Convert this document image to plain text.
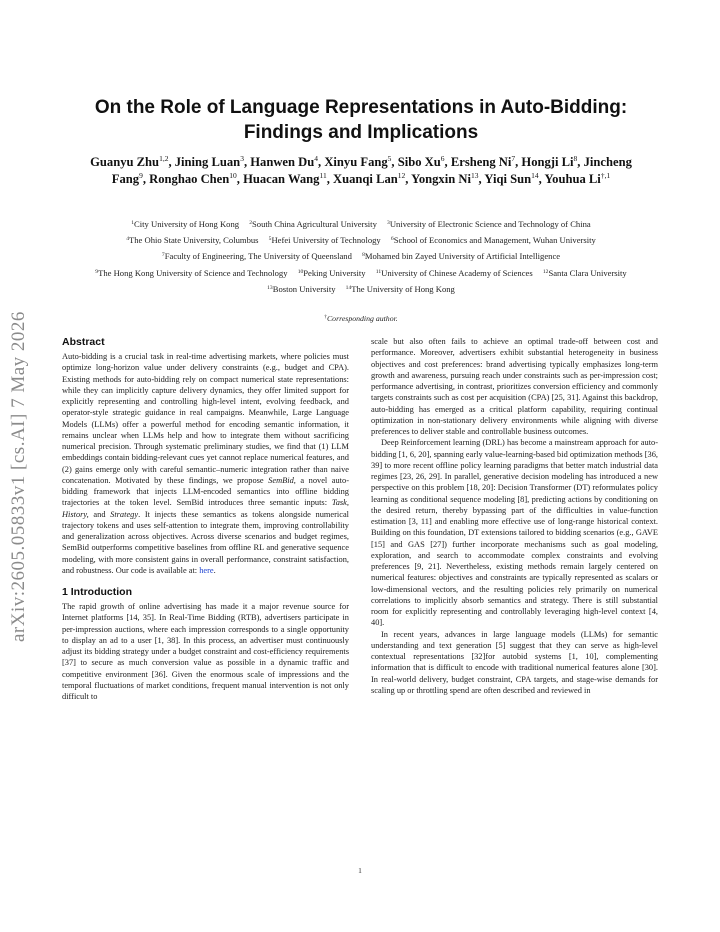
arXiv:2605.05833v1 [cs.AI] 7 May 2026
On the Role of Language Representations in Auto-Bidding:
Findings and Implications
Guanyu Zhu$^{1,2}$, Jining Luan$^3$, Hanwen Du$^4$, Xinyu Fang$^5$, Sibo Xu$^6$, Ersheng Ni$^7$, Hongji Li$^8$, Jincheng Fang$^9$, Ronghao Chen$^{10}$, Huacan Wang$^{11}$, Xuanqi Lan$^{12}$, Yongxin Ni$^{13}$, Yiqi Sun$^{14}$, Youhua $Li^{\dagger,1}$
$^1$City University of Hong Kong $^2$South China Agricultural University $^3$University of Electronic Science and Technology of China $^4$The Ohio State University, Columbus $^5$Hefei University of Technology $^6$School of Economics and Management, Wuhan University $^7$Faculty of Engineering, The University of Queensland $^8$Mohamed bin Zayed University of Artificial Intelligence $^9$The Hong Kong University of Science and Technology $^{10}$Peking University $^{11}$University of Chinese Academy of Sciences $^{12}$Santa Clara University $^{13}$Boston University $^{14}$The University of Hong Kong
†Corresponding author.
Abstract

Auto-bidding is a crucial task in real-time advertising markets, where policies must optimize long-horizon value under delivery constraints (e.g., budget and CPA). Existing methods for auto-bidding rely on compact numerical state representations: while they can implicitly capture delivery dynamics, they offer limited support for explicitly representing and controlling high-level intent, evolving feedback, and operator-style strategic guidance in real campaigns. Meanwhile, Large Language Models (LLMs) offer a powerful method for encoding semantic information, it remains unclear when LLMs help and how to integrate them without sacrificing numerical precision. Through systematic preliminary studies, we find that (1) LLM embeddings contain bidding-relevant cues yet cannot replace numerical features, and (2) gains emerge only with careful semantic–numeric integration rather than naive concatenation. Motivated by these findings, we propose SemBid, a novel auto-bidding framework that injects LLM-encoded semantics into offline bidding trajectories at the token level. SemBid introduces three semantic inputs: Task, History, and Strategy. It injects these semantics as tokens alongside numerical trajectory tokens and uses self-attention to integrate them, improving controllability and generalization across objectives. Across diverse scenarios and budget regimes, SemBid outperforms competitive baselines from offline RL and generative sequence modeling, with more consistent gains in overall performance, constraint satisfaction, and robustness. Our code is available at: here.

1 Introduction

The rapid growth of online advertising has made it a major revenue source for Internet platforms [14, 35]. In Real-Time Bidding (RTB), advertisers participate in per-impression auctions, where each impression corresponds to a single opportunity to display an ad to a user [1, 38]. In this process, an advertiser must continuously adjust its bidding strategy under a budget constraint and cost-efficiency requirements [37] to secure as much conversion value as possible in a dynamic traffic and competitive environment [36]. Given the enormous scale of impressions and the temporal fluctuations of market conditions, frequent manual intervention is not only difficult to

scale but also often fails to achieve an optimal trade-off between cost and performance. Moreover, advertisers exhibit substantial heterogeneity in business objectives and cost preferences: brand advertising typically emphasizes long-term growth and awareness, pursuing reach under constraints such as per-impression cost; performance advertising, in contrast, prioritizes conversion efficiency and commonly targets constraints such as cost per acquisition (CPA) [25, 31]. Against this backdrop, auto-bidding has emerged as a critical platform capability, requiring continual optimization in non-stationary delivery environments while aligning with diverse preferences to deliver stable and controllable business outcomes.

Deep Reinforcement learning (DRL) has become a mainstream approach for auto-bidding [1, 6, 20], spanning early value-learning-based bid optimization methods [36, 39] to more recent offline policy learning paradigms that better match industrial data regimes [23, 26, 29]. In parallel, generative decision modeling has introduced a new perspective on this problem [18, 20]: Decision Transformer (DT) reformulates policy learning as conditional sequence modeling [8], predicting actions by conditioning on the desired return, thereby bypassing part of the difficulties in value-function estimation [3, 11] and enabling more effective use of long-range historical context. Building on this foundation, DT extensions tailored to bidding scenarios (e.g., GAVE [15] and GAS [27]) further incorporate mechanisms such as goal modeling, exploration, and search to accommodate complex constraints and evolving preferences [9, 21]. Nevertheless, existing methods remain largely centered on numerical features: objectives and constraints are typically represented as scalars or low-dimensional vectors, and the resulting policies rely primarily on numerical correlations to implicitly absorb semantics and strategy. There is still substantial room for explicitly representing and controllably leveraging high-level context [4, 40].

In recent years, advances in large language models (LLMs) for semantic understanding and text generation [5] suggest that they can serve as high-level contextual representations [32]for autobid systems [1, 10], complementing information that is difficult to encode with traditional numerical features alone [30]. In real-world delivery, budget constraint, CPA targets, and stage-wise demands for scaling up or throttling spend are often described and reviewed in

1
